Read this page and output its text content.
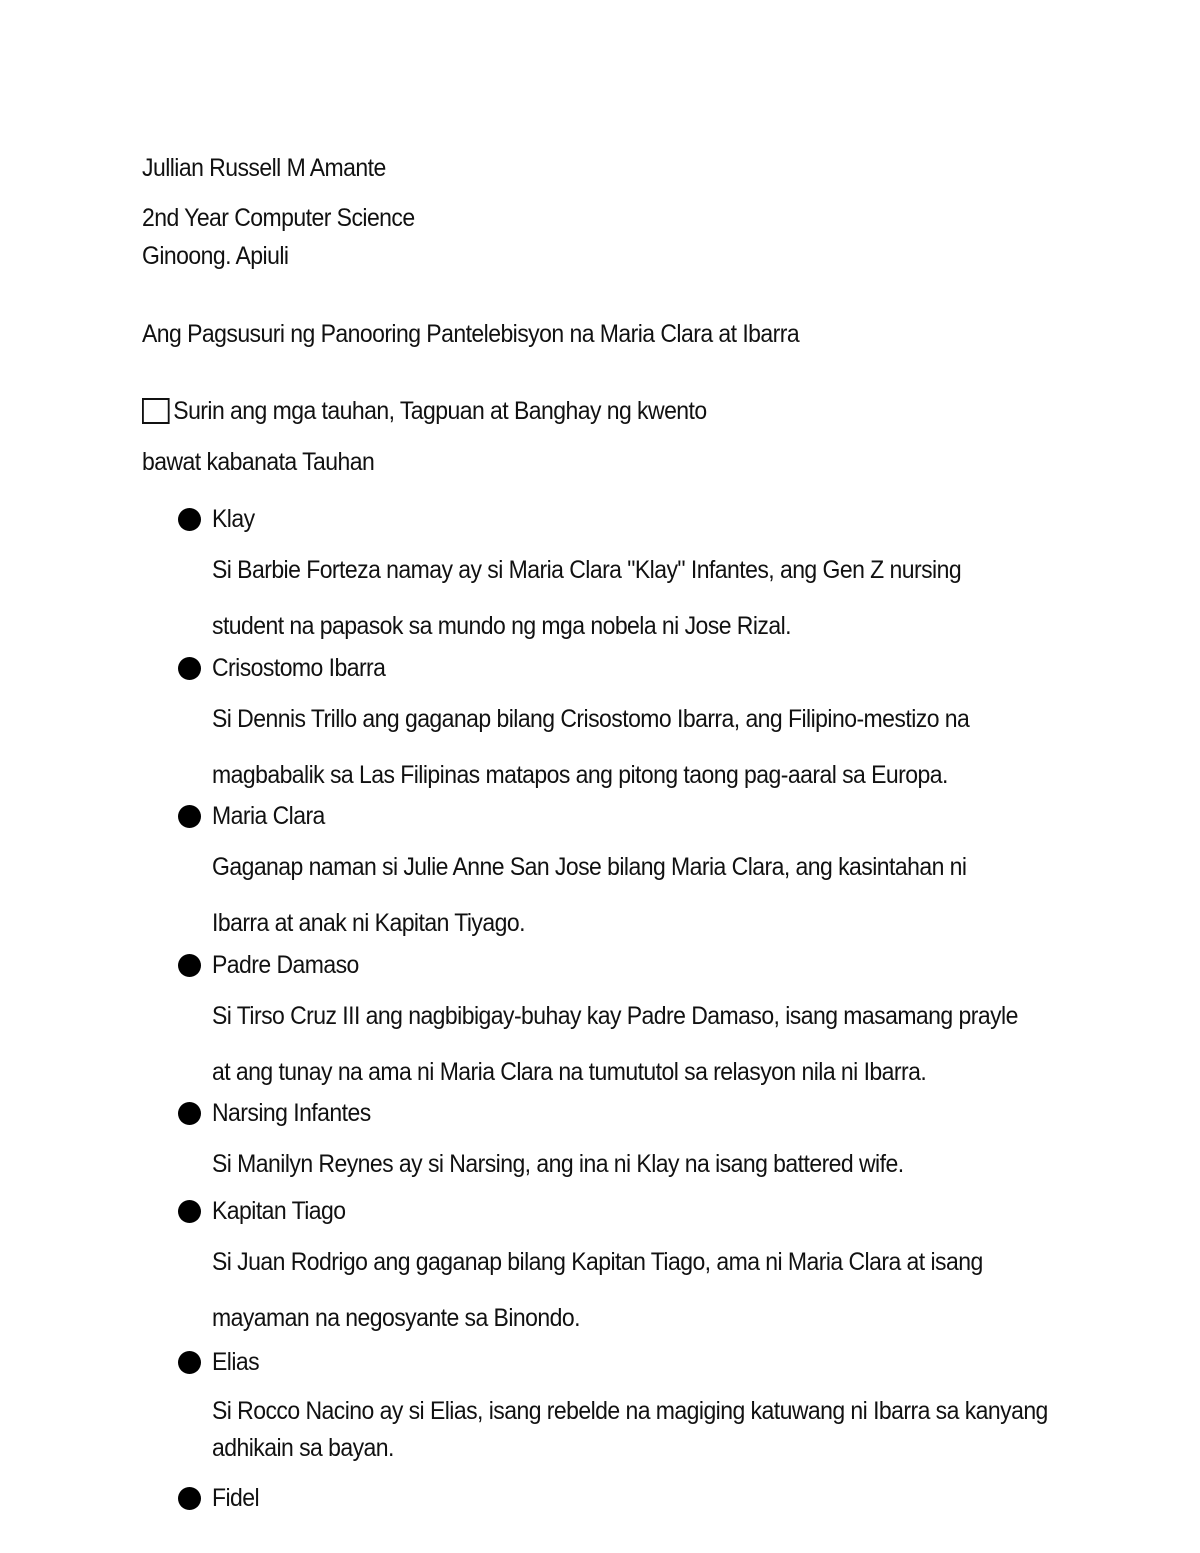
Jullian Russell M Amante
2nd Year Computer Science
Ginoong. Apiuli
Ang Pagsusuri ng Panooring Pantelebisyon na Maria Clara at Ibarra
Surin ang mga tauhan, Tagpuan at Banghay ng kwento
bawat kabanata Tauhan
Klay
Si Barbie Forteza namay ay si Maria Clara "Klay" Infantes, ang Gen Z nursing
student na papasok sa mundo ng mga nobela ni Jose Rizal.
Crisostomo Ibarra
Si Dennis Trillo ang gaganap bilang Crisostomo Ibarra, ang Filipino-mestizo na
magbabalik sa Las Filipinas matapos ang pitong taong pag-aaral sa Europa.
Maria Clara
Gaganap naman si Julie Anne San Jose bilang Maria Clara, ang kasintahan ni
Ibarra at anak ni Kapitan Tiyago.
Padre Damaso
Si Tirso Cruz III ang nagbibigay-buhay kay Padre Damaso, isang masamang prayle
at ang tunay na ama ni Maria Clara na tumututol sa relasyon nila ni Ibarra.
Narsing Infantes
Si Manilyn Reynes ay si Narsing, ang ina ni Klay na isang battered wife.
Kapitan Tiago
Si Juan Rodrigo ang gaganap bilang Kapitan Tiago, ama ni Maria Clara at isang
mayaman na negosyante sa Binondo.
Elias
Si Rocco Nacino ay si Elias, isang rebelde na magiging katuwang ni Ibarra sa kanyang
adhikain sa bayan.
Fidel
